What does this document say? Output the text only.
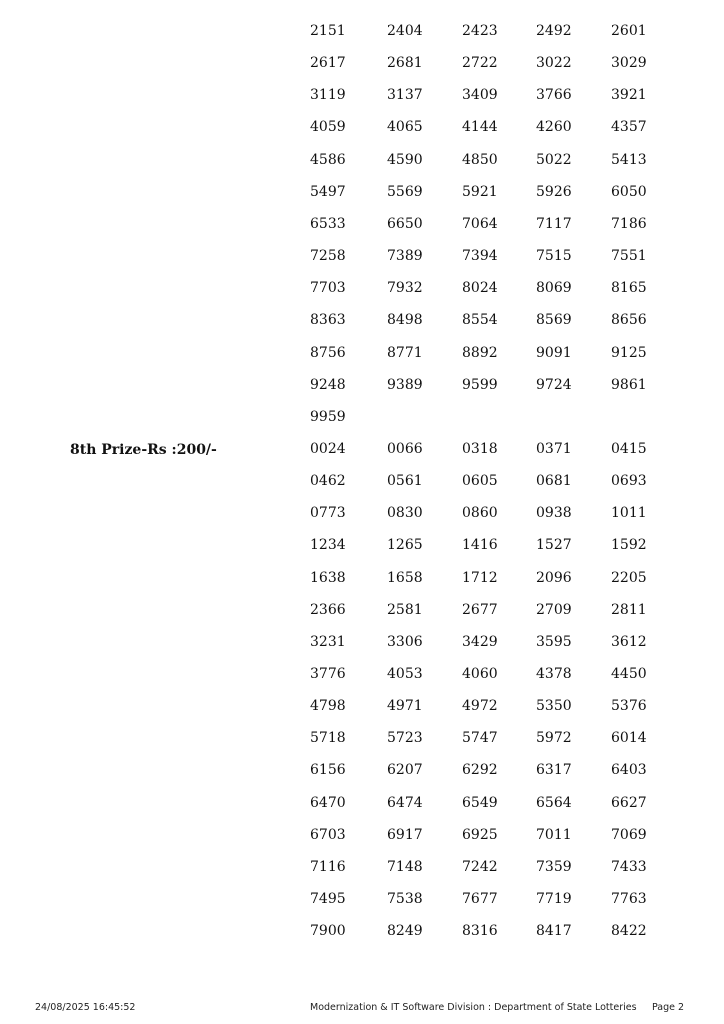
2151	2404	2423	2492	2601
2617	2681	2722	3022	3029
3119	3137	3409	3766	3921
4059	4065	4144	4260	4357
4586	4590	4850	5022	5413
5497	5569	5921	5926	6050
6533	6650	7064	7117	7186
7258	7389	7394	7515	7551
7703	7932	8024	8069	8165
8363	8498	8554	8569	8656
8756	8771	8892	9091	9125
9248	9389	9599	9724	9861
9959
8th Prize-Rs :200/-	0024	0066	0318	0371	0415
0462	0561	0605	0681	0693
0773	0830	0860	0938	1011
1234	1265	1416	1527	1592
1638	1658	1712	2096	2205
2366	2581	2677	2709	2811
3231	3306	3429	3595	3612
3776	4053	4060	4378	4450
4798	4971	4972	5350	5376
5718	5723	5747	5972	6014
6156	6207	6292	6317	6403
6470	6474	6549	6564	6627
6703	6917	6925	7011	7069
7116	7148	7242	7359	7433
7495	7538	7677	7719	7763
7900	8249	8316	8417	8422
24/08/2025 16:45:52	Modernization & IT Software Division : Department of State Lotteries Page 2
